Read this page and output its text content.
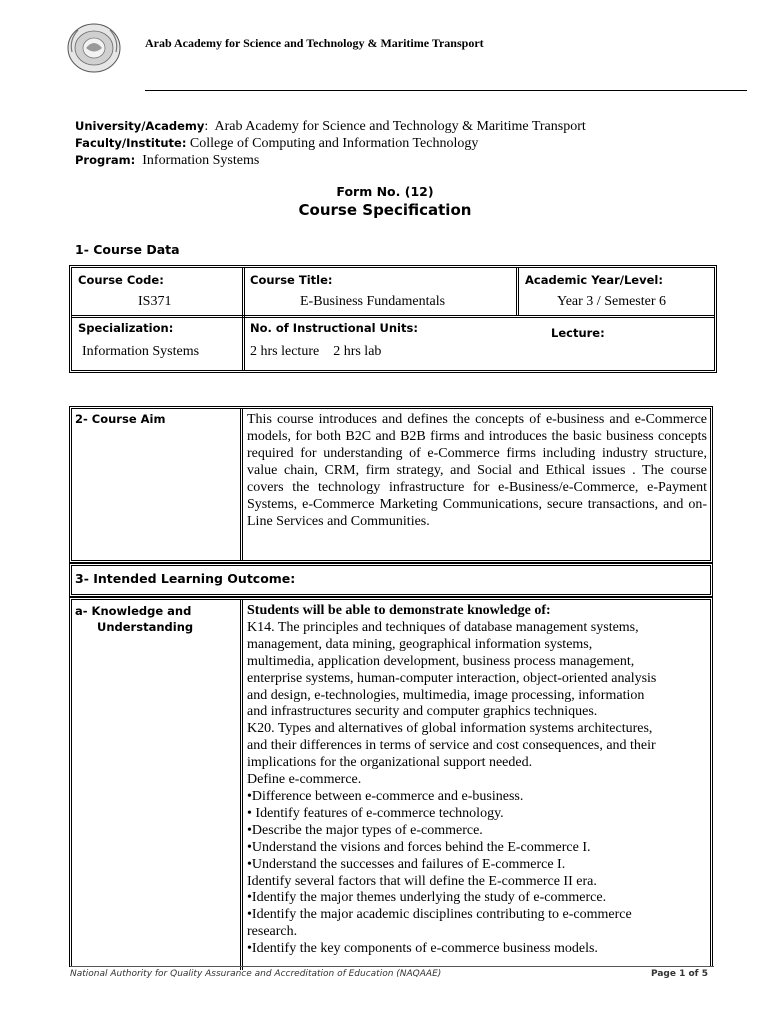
Arab Academy for Science and Technology & Maritime Transport
University/Academy:  Arab Academy for Science and Technology & Maritime Transport
Faculty/Institute: College of Computing and Information Technology
Program: Information Systems
Form No. (12)
Course Specification
1- Course Data
Course Code:
IS371
Course Title:
E-Business Fundamentals
Academic Year/Level:
Year 3 / Semester 6
Specialization:
Information Systems
No. of Instructional Units:
2 hrs lecture    2 hrs lab
Lecture:
2- Course Aim	This course introduces and defines the concepts of e-business and e-Commerce models, for both B2C and B2B firms and introduces the basic business concepts required for understanding of e-Commerce firms including industry structure, value chain, CRM, firm strategy, and Social and Ethical issues . The course covers the technology infrastructure for e-Business/e-Commerce, e-Payment Systems, e-Commerce Marketing Communications, secure transactions, and on-Line Services and Communities.
3- Intended Learning Outcome:
a- Knowledge and
Understanding
Students will be able to demonstrate knowledge of:
K14. The principles and techniques of database management systems,
management, data mining, geographical information systems,
multimedia, application development, business process management,
enterprise systems, human-computer interaction, object-oriented analysis
and design, e-technologies, multimedia, image processing, information
and infrastructures security and computer graphics techniques.
K20. Types and alternatives of global information systems architectures,
and their differences in terms of service and cost consequences, and their
implications for the organizational support needed.
Define e-commerce.
•Difference between e-commerce and e-business.
• Identify features of e-commerce technology.
•Describe the major types of e-commerce.
•Understand the visions and forces behind the E-commerce I.
•Understand the successes and failures of E-commerce I.
Identify several factors that will define the E-commerce II era.
•Identify the major themes underlying the study of e-commerce.
•Identify the major academic disciplines contributing to e-commerce
research.
•Identify the key components of e-commerce business models.
National Authority for Quality Assurance and Accreditation of Education (NAQAAE)	Page 1 of 5
